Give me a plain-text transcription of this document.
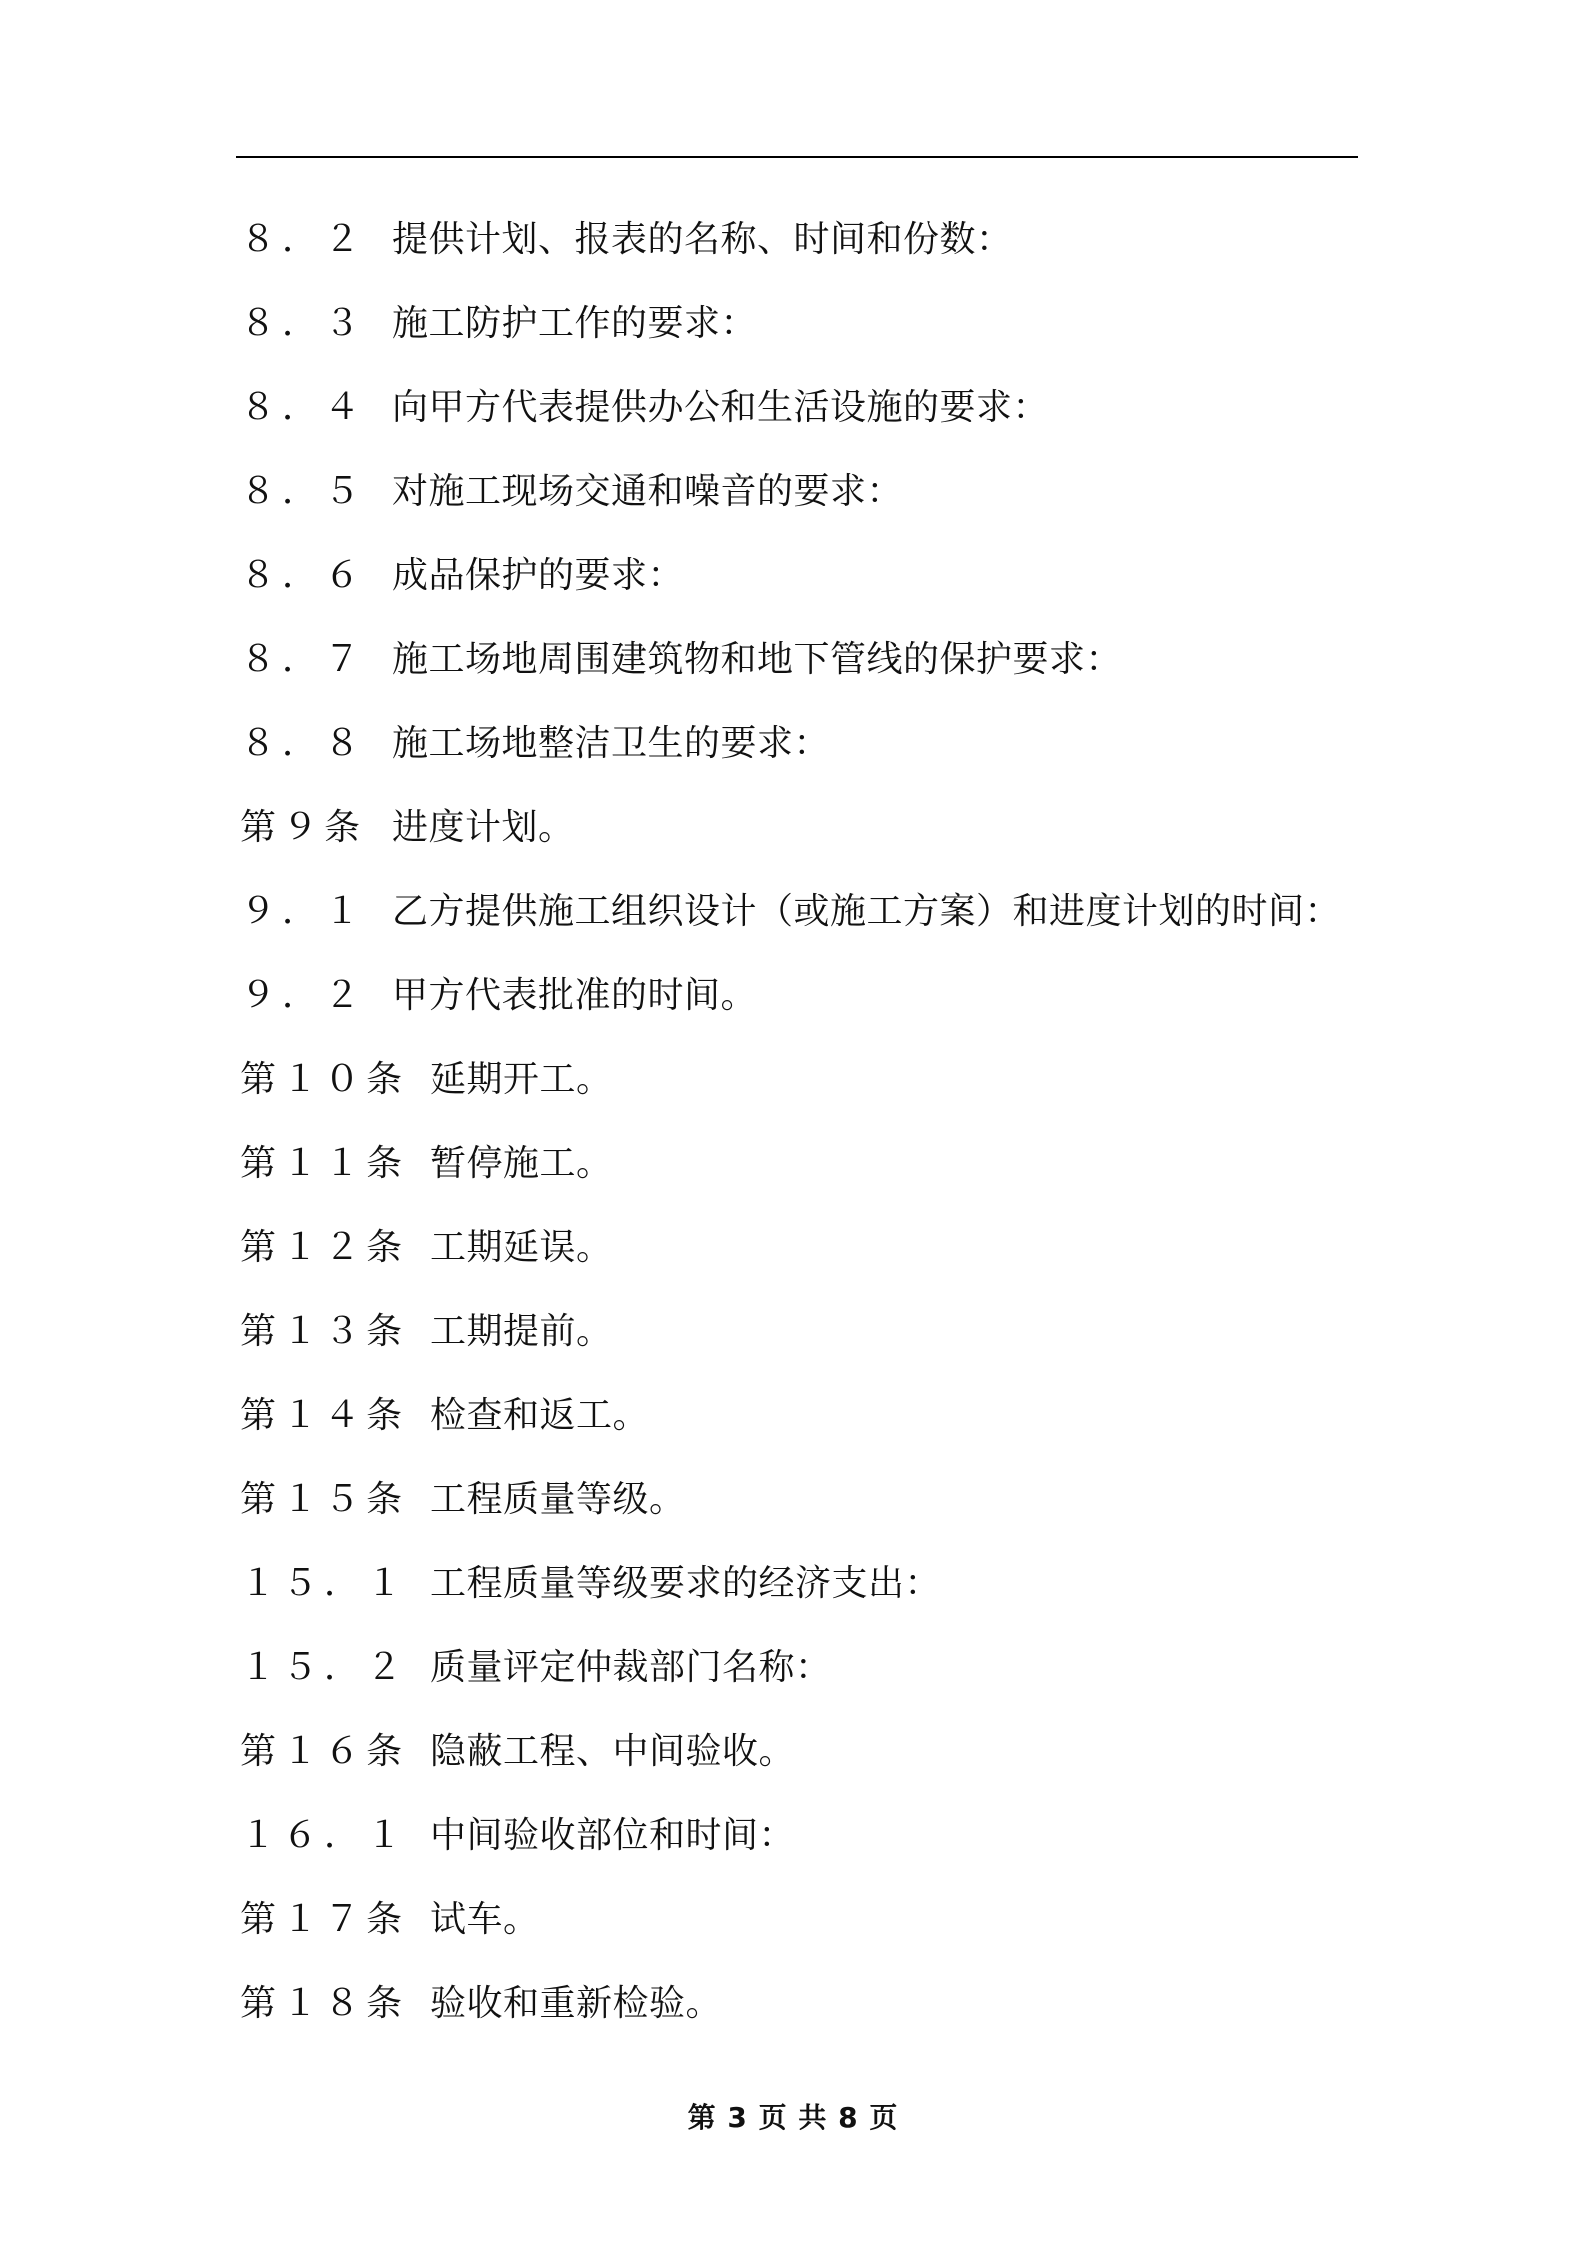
８．２ 提供计划、报表的名称、时间和份数：
８．３ 施工防护工作的要求：
８．４ 向甲方代表提供办公和生活设施的要求：
８．５ 对施工现场交通和噪音的要求：
８．６ 成品保护的要求：
８．７ 施工场地周围建筑物和地下管线的保护要求：
８．８ 施工场地整洁卫生的要求：
第９条 进度计划。
９．１ 乙方提供施工组织设计（或施工方案）和进度计划的时间：
９．２ 甲方代表批准的时间。
第１０条 延期开工。
第１１条 暂停施工。
第１２条 工期延误。
第１３条 工期提前。
第１４条 检查和返工。
第１５条 工程质量等级。
１５．１ 工程质量等级要求的经济支出：
１５．２ 质量评定仲裁部门名称：
第１６条 隐蔽工程、中间验收。
１６．１ 中间验收部位和时间：
第１７条 试车。
第１８条 验收和重新检验。
第 3 页 共 8 页
